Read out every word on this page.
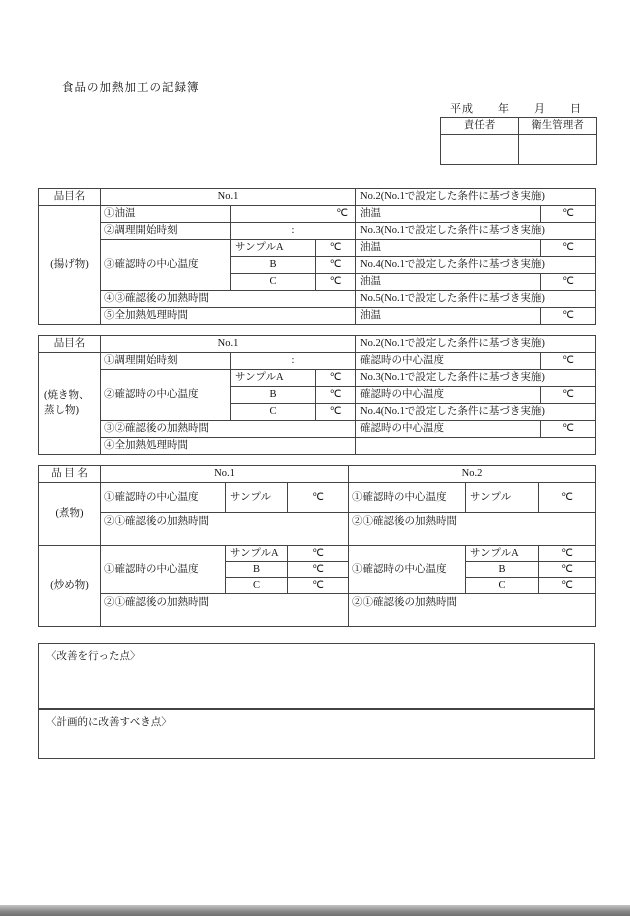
食品の加熱加工の記録簿
平成　　年　　月　　日
責任者	衛生管理者

品目名	No.1			No.2(No.1で設定した条件に基づき実施)	
(揚げ物)	①油温	℃		油温	℃
	②調理開始時刻	:		No.3(No.1で設定した条件に基づき実施)	
	③確認時の中心温度	サンプルA	℃	油温	℃
		B	℃	No.4(No.1で設定した条件に基づき実施)	
		C	℃	油温	℃
	④③確認後の加熱時間			No.5(No.1で設定した条件に基づき実施)	
	⑤全加熱処理時間			油温	℃
品目名	No.1			No.2(No.1で設定した条件に基づき実施)	
(焼き物、蒸し物)	①調理開始時刻	:		確認時の中心温度	℃
	②確認時の中心温度	サンプルA	℃	No.3(No.1で設定した条件に基づき実施)	
		B	℃	確認時の中心温度	℃
		C	℃	No.4(No.1で設定した条件に基づき実施)	
	③②確認後の加熱時間			確認時の中心温度	℃
	④全加熱処理時間				
品 目 名	No.1			No.2		
(煮物)	①確認時の中心温度	サンプル	℃	①確認時の中心温度	サンプル	℃

	②①確認後の加熱時間			②①確認後の加熱時間		

(炒め物)	①確認時の中心温度	サンプルA	℃	①確認時の中心温度	サンプルA	℃
		B	℃		B	℃
		C	℃		C	℃

	②①確認後の加熱時間			②①確認後の加熱時間		
〈改善を行った点〉
〈計画的に改善すべき点〉
